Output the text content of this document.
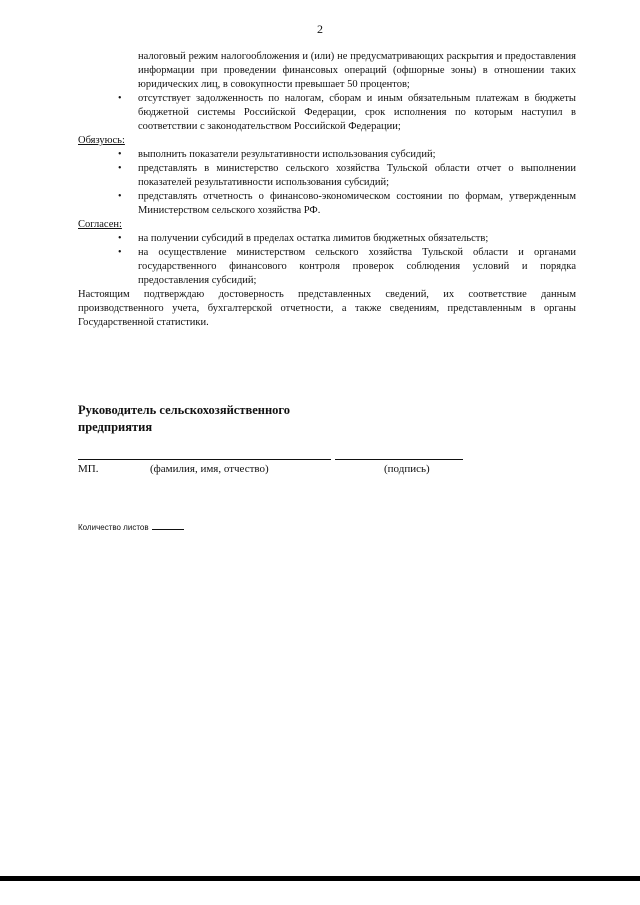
2
налоговый режим налогообложения и (или) не предусматривающих раскрытия и предоставления информации при проведении финансовых операций (офшорные зоны) в отношении таких юридических лиц, в совокупности превышает 50 процентов;
• отсутствует задолженность по налогам, сборам и иным обязательным платежам в бюджеты бюджетной системы Российской Федерации, срок исполнения по которым наступил в соответствии с законодательством Российской Федерации;
Обязуюсь:
• выполнить показатели результативности использования субсидий;
• представлять в министерство сельского хозяйства Тульской области отчет о выполнении показателей результативности использования субсидий;
• представлять отчетность о финансово-экономическом состоянии по формам, утвержденным Министерством сельского хозяйства РФ.
Согласен:
• на получении субсидий в пределах остатка лимитов бюджетных обязательств;
• на осуществление министерством сельского хозяйства Тульской области и органами государственного финансового контроля проверок соблюдения условий и порядка предоставления субсидий;
Настоящим подтверждаю достоверность представленных сведений, их соответствие данным производственного учета, бухгалтерской отчетности, а также сведениям, представленным в органы Государственной статистики.
Руководитель сельскохозяйственного
предприятия
МП.	(фамилия, имя, отчество)	(подпись)
Количество листов
